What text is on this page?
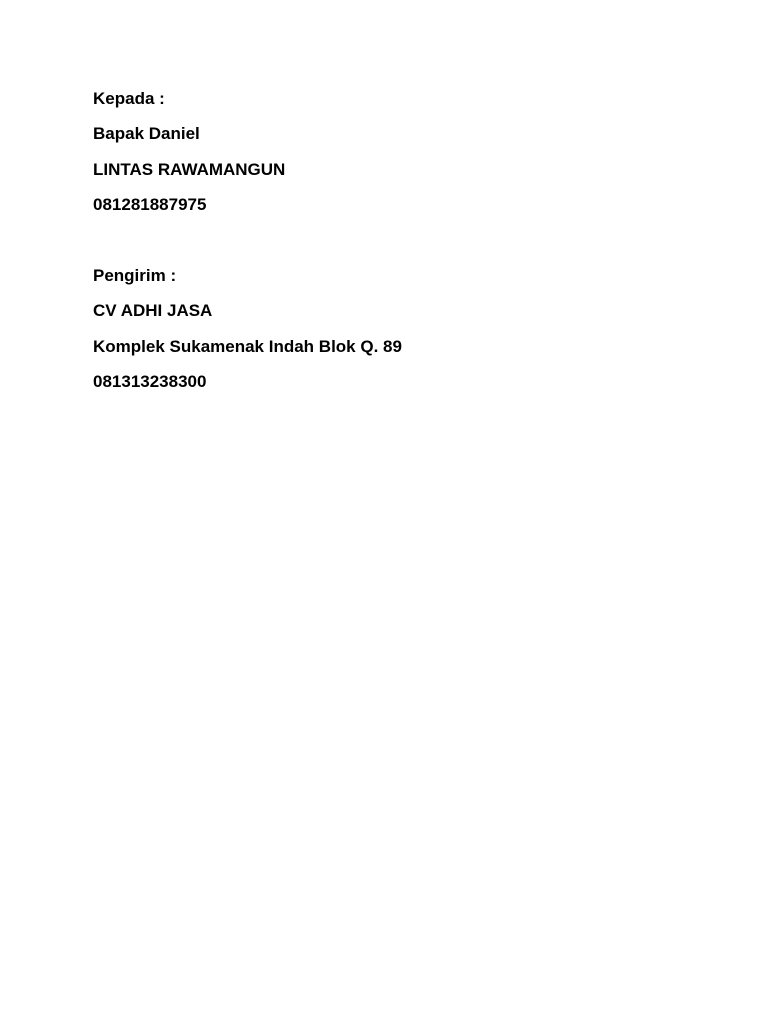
Kepada :
Bapak Daniel
LINTAS RAWAMANGUN
081281887975
Pengirim :
CV ADHI JASA
Komplek Sukamenak Indah Blok Q. 89
081313238300
